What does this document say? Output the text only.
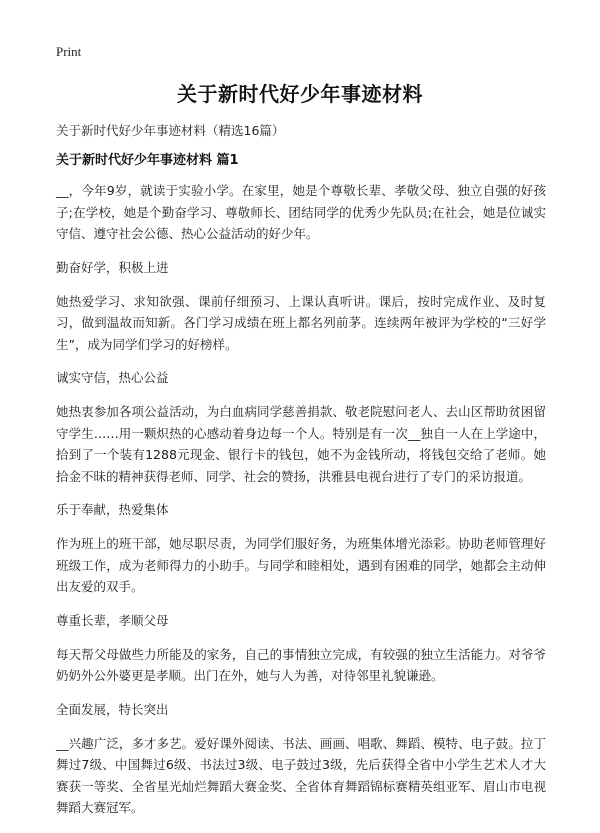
Print
关于新时代好少年事迹材料
关于新时代好少年事迹材料（精选16篇）
关于新时代好少年事迹材料 篇1

__，今年9岁，就读于实验小学。在家里，她是个尊敬长辈、孝敬父母、独立自强的好孩子;在学校，她是个勤奋学习、尊敬师长、团结同学的优秀少先队员;在社会，她是位诚实守信、遵守社会公德、热心公益活动的好少年。

勤奋好学，积极上进

她热爱学习、求知欲强、课前仔细预习、上课认真听讲。课后，按时完成作业、及时复习，做到温故而知新。各门学习成绩在班上都名列前茅。连续两年被评为学校的“三好学生”，成为同学们学习的好榜样。

诚实守信，热心公益

她热衷参加各项公益活动，为白血病同学慈善捐款、敬老院慰问老人、去山区帮助贫困留守学生……用一颗炽热的心感动着身边每一个人。特别是有一次__独自一人在上学途中，拾到了一个装有1288元现金、银行卡的钱包，她不为金钱所动，将钱包交给了老师。她拾金不昧的精神获得老师、同学、社会的赞扬，洪雅县电视台进行了专门的采访报道。

乐于奉献，热爱集体

作为班上的班干部，她尽职尽责，为同学们服好务，为班集体增光添彩。协助老师管理好班级工作，成为老师得力的小助手。与同学和睦相处，遇到有困难的同学，她都会主动伸出友爱的双手。

尊重长辈，孝顺父母

每天帮父母做些力所能及的家务，自己的事情独立完成，有较强的独立生活能力。对爷爷奶奶外公外婆更是孝顺。出门在外，她与人为善，对待邻里礼貌谦逊。

全面发展，特长突出

__兴趣广泛，多才多艺。爱好课外阅读、书法、画画、唱歌、舞蹈、模特、电子鼓。拉丁舞过7级、中国舞过6级、书法过3级、电子鼓过3级，先后获得全省中小学生艺术人才大赛获一等奖、全省星光灿烂舞蹈大赛金奖、全省体育舞蹈锦标赛精英组亚军、眉山市电视舞蹈大赛冠军。
